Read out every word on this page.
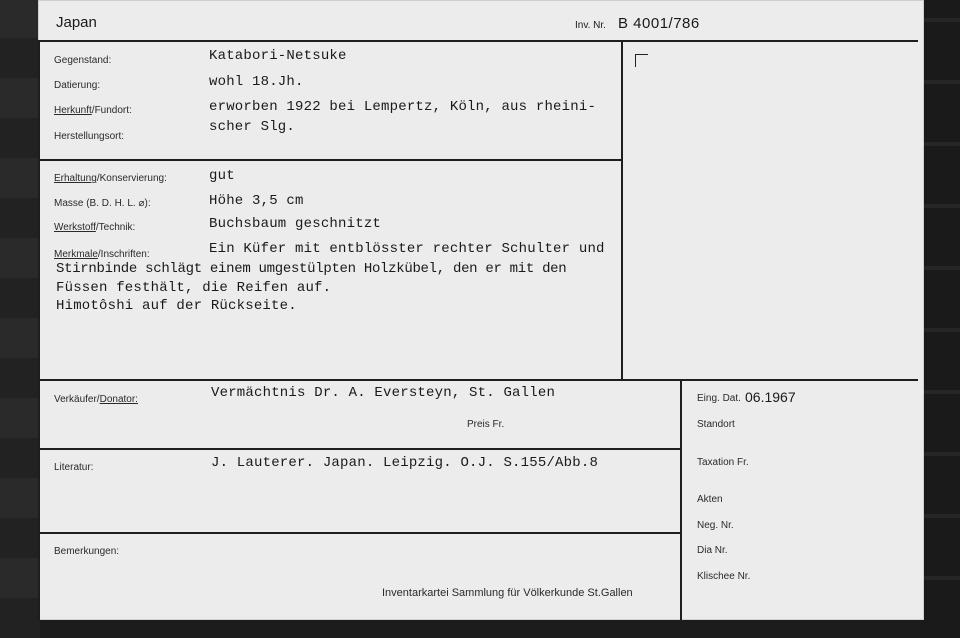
Japan	Inv. Nr. B 4001/786
Gegenstand:	Katabori-Netsuke
Datierung:	wohl 18.Jh.
Herkunft/Fundort:	erworben 1922 bei Lempertz, Köln, aus rheini-
scher Slg.
Herstellungsort:
Erhaltung/Konservierung:	gut
Masse (B. D. H. L. ⌀):	Höhe 3,5 cm
Werkstoff/Technik:	Buchsbaum geschnitzt
Merkmale/Inschriften:	Ein Küfer mit entblösster rechter Schulter und
Stirnbinde schlägt einem umgestülpten Holzkübel, den er mit den
Füssen festhält, die Reifen auf.
Himotôshi auf der Rückseite.
Verkäufer/Donator:	Vermächtnis Dr. A. Eversteyn, St. Gallen
Preis Fr.
Literatur:	J. Lauterer. Japan. Leipzig. O.J. S.155/Abb.8
Bemerkungen:
Inventarkartei Sammlung für Völkerkunde St.Gallen
Eing. Dat. 06.1967
Standort
Taxation Fr.
Akten
Neg. Nr.
Dia Nr.
Klischee Nr.
